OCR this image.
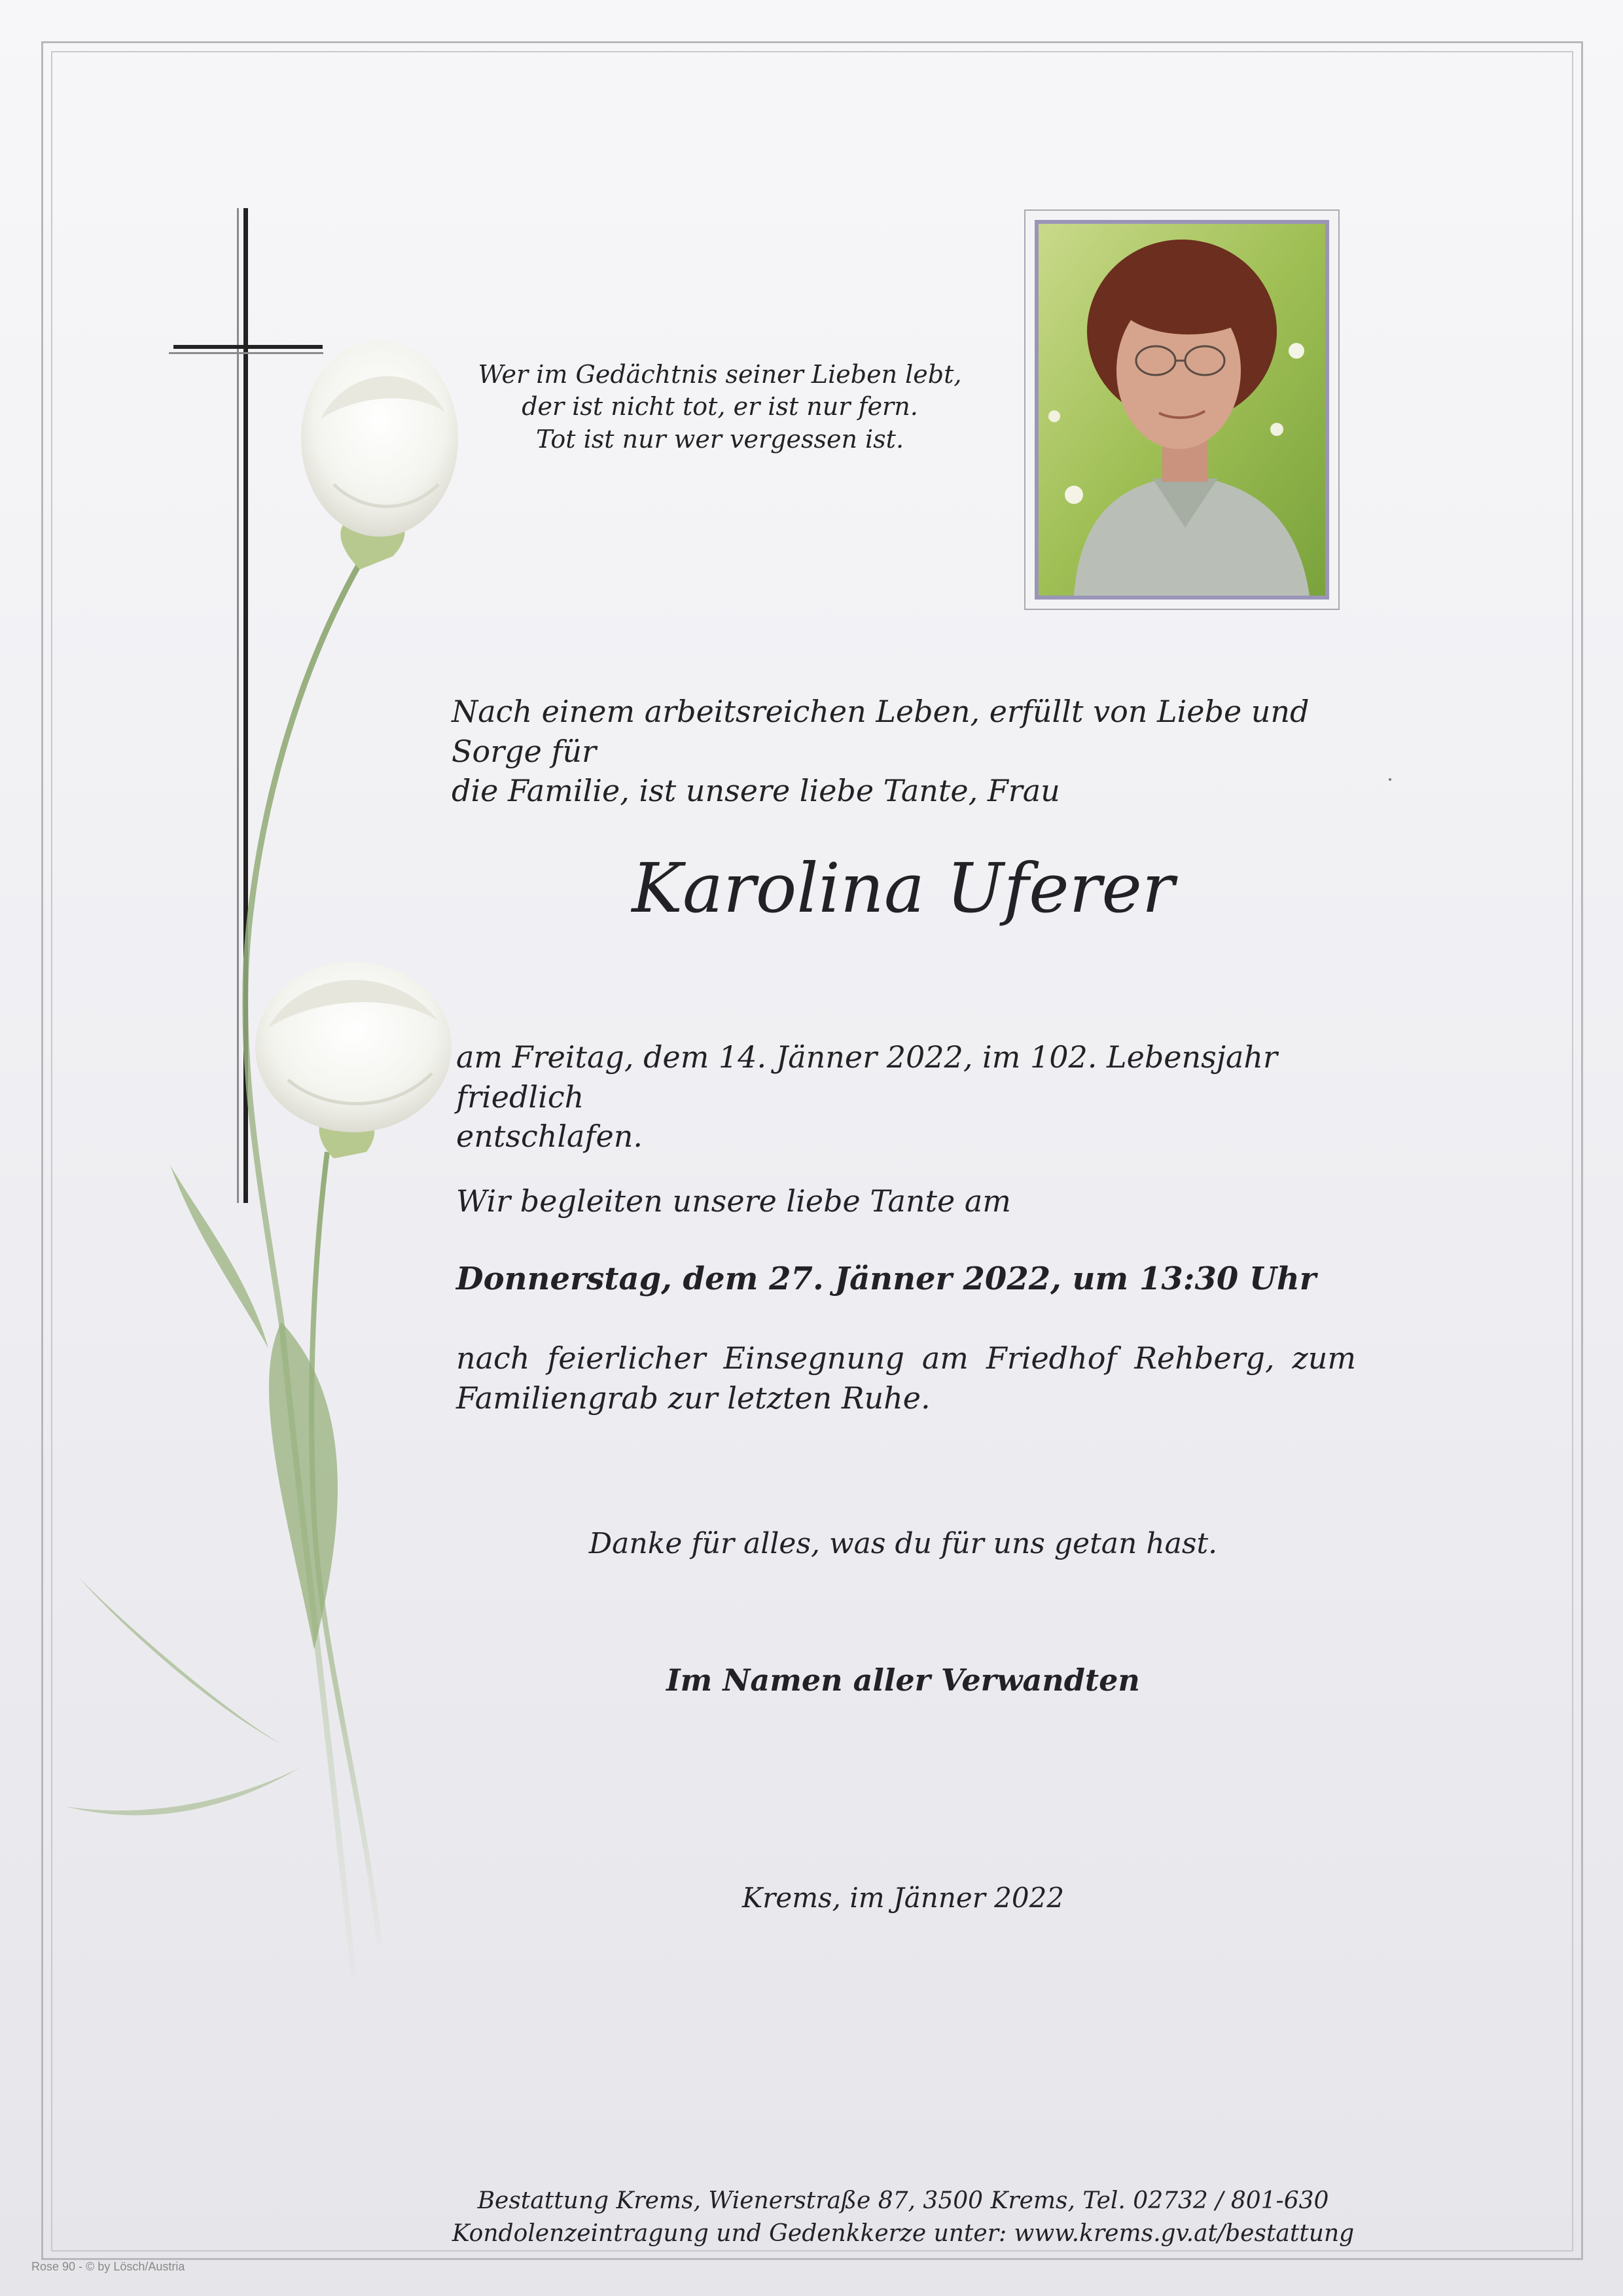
Wer im Gedächtnis seiner Lieben lebt,
der ist nicht tot, er ist nur fern.
Tot ist nur wer vergessen ist.
Nach einem arbeitsreichen Leben, erfüllt von Liebe und Sorge für
die Familie, ist unsere liebe Tante, Frau
Karolina Uferer
am Freitag, dem 14. Jänner 2022, im 102. Lebensjahr friedlich
entschlafen.
Wir begleiten unsere liebe Tante am
Donnerstag, dem 27. Jänner 2022, um 13:30 Uhr
nach feierlicher Einsegnung am Friedhof Rehberg, zum
Familiengrab zur letzten Ruhe.
Danke für alles, was du für uns getan hast.
Im Namen aller Verwandten
Krems, im Jänner 2022
Bestattung Krems, Wienerstraße 87, 3500 Krems, Tel. 02732 / 801-630
Kondolenzeintragung und Gedenkkerze unter: www.krems.gv.at/bestattung
Rose 90 - © by Lösch/Austria
